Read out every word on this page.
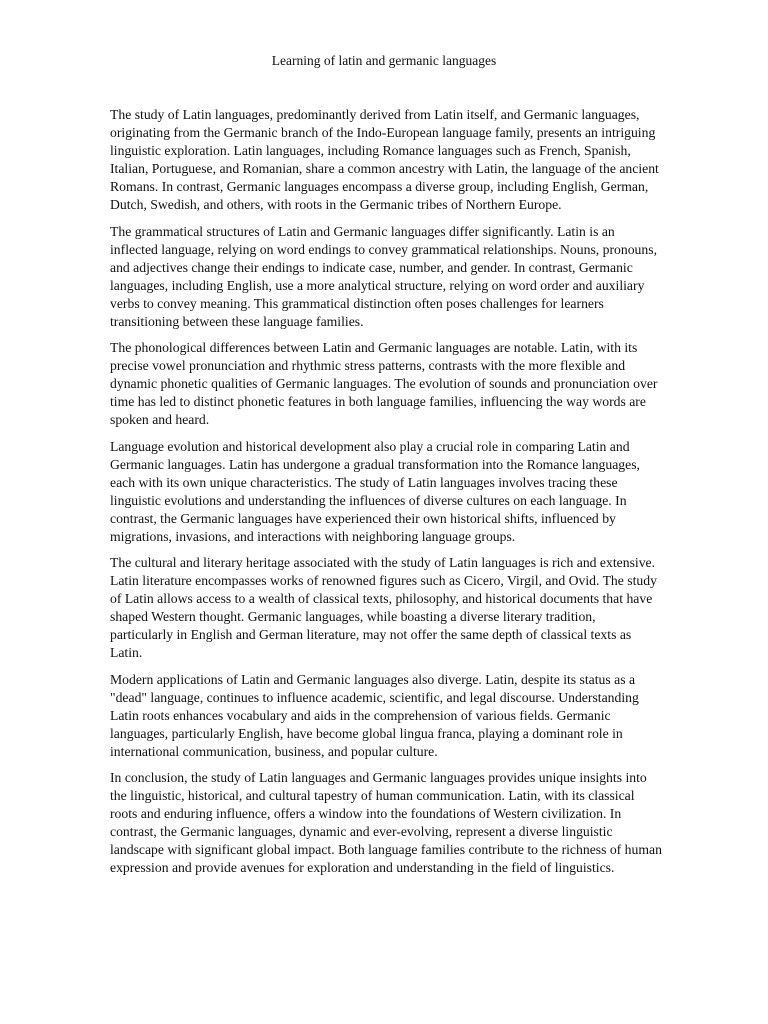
Learning of latin and germanic languages

The study of Latin languages, predominantly derived from Latin itself, and Germanic languages, originating from the Germanic branch of the Indo-European language family, presents an intriguing linguistic exploration. Latin languages, including Romance languages such as French, Spanish, Italian, Portuguese, and Romanian, share a common ancestry with Latin, the language of the ancient Romans. In contrast, Germanic languages encompass a diverse group, including English, German, Dutch, Swedish, and others, with roots in the Germanic tribes of Northern Europe.

The grammatical structures of Latin and Germanic languages differ significantly. Latin is an inflected language, relying on word endings to convey grammatical relationships. Nouns, pronouns, and adjectives change their endings to indicate case, number, and gender. In contrast, Germanic languages, including English, use a more analytical structure, relying on word order and auxiliary verbs to convey meaning. This grammatical distinction often poses challenges for learners transitioning between these language families.

The phonological differences between Latin and Germanic languages are notable. Latin, with its precise vowel pronunciation and rhythmic stress patterns, contrasts with the more flexible and dynamic phonetic qualities of Germanic languages. The evolution of sounds and pronunciation over time has led to distinct phonetic features in both language families, influencing the way words are spoken and heard.

Language evolution and historical development also play a crucial role in comparing Latin and Germanic languages. Latin has undergone a gradual transformation into the Romance languages, each with its own unique characteristics. The study of Latin languages involves tracing these linguistic evolutions and understanding the influences of diverse cultures on each language. In contrast, the Germanic languages have experienced their own historical shifts, influenced by migrations, invasions, and interactions with neighboring language groups.

The cultural and literary heritage associated with the study of Latin languages is rich and extensive. Latin literature encompasses works of renowned figures such as Cicero, Virgil, and Ovid. The study of Latin allows access to a wealth of classical texts, philosophy, and historical documents that have shaped Western thought. Germanic languages, while boasting a diverse literary tradition, particularly in English and German literature, may not offer the same depth of classical texts as Latin.

Modern applications of Latin and Germanic languages also diverge. Latin, despite its status as a "dead" language, continues to influence academic, scientific, and legal discourse. Understanding Latin roots enhances vocabulary and aids in the comprehension of various fields. Germanic languages, particularly English, have become global lingua franca, playing a dominant role in international communication, business, and popular culture.

In conclusion, the study of Latin languages and Germanic languages provides unique insights into the linguistic, historical, and cultural tapestry of human communication. Latin, with its classical roots and enduring influence, offers a window into the foundations of Western civilization. In contrast, the Germanic languages, dynamic and ever-evolving, represent a diverse linguistic landscape with significant global impact. Both language families contribute to the richness of human expression and provide avenues for exploration and understanding in the field of linguistics.
